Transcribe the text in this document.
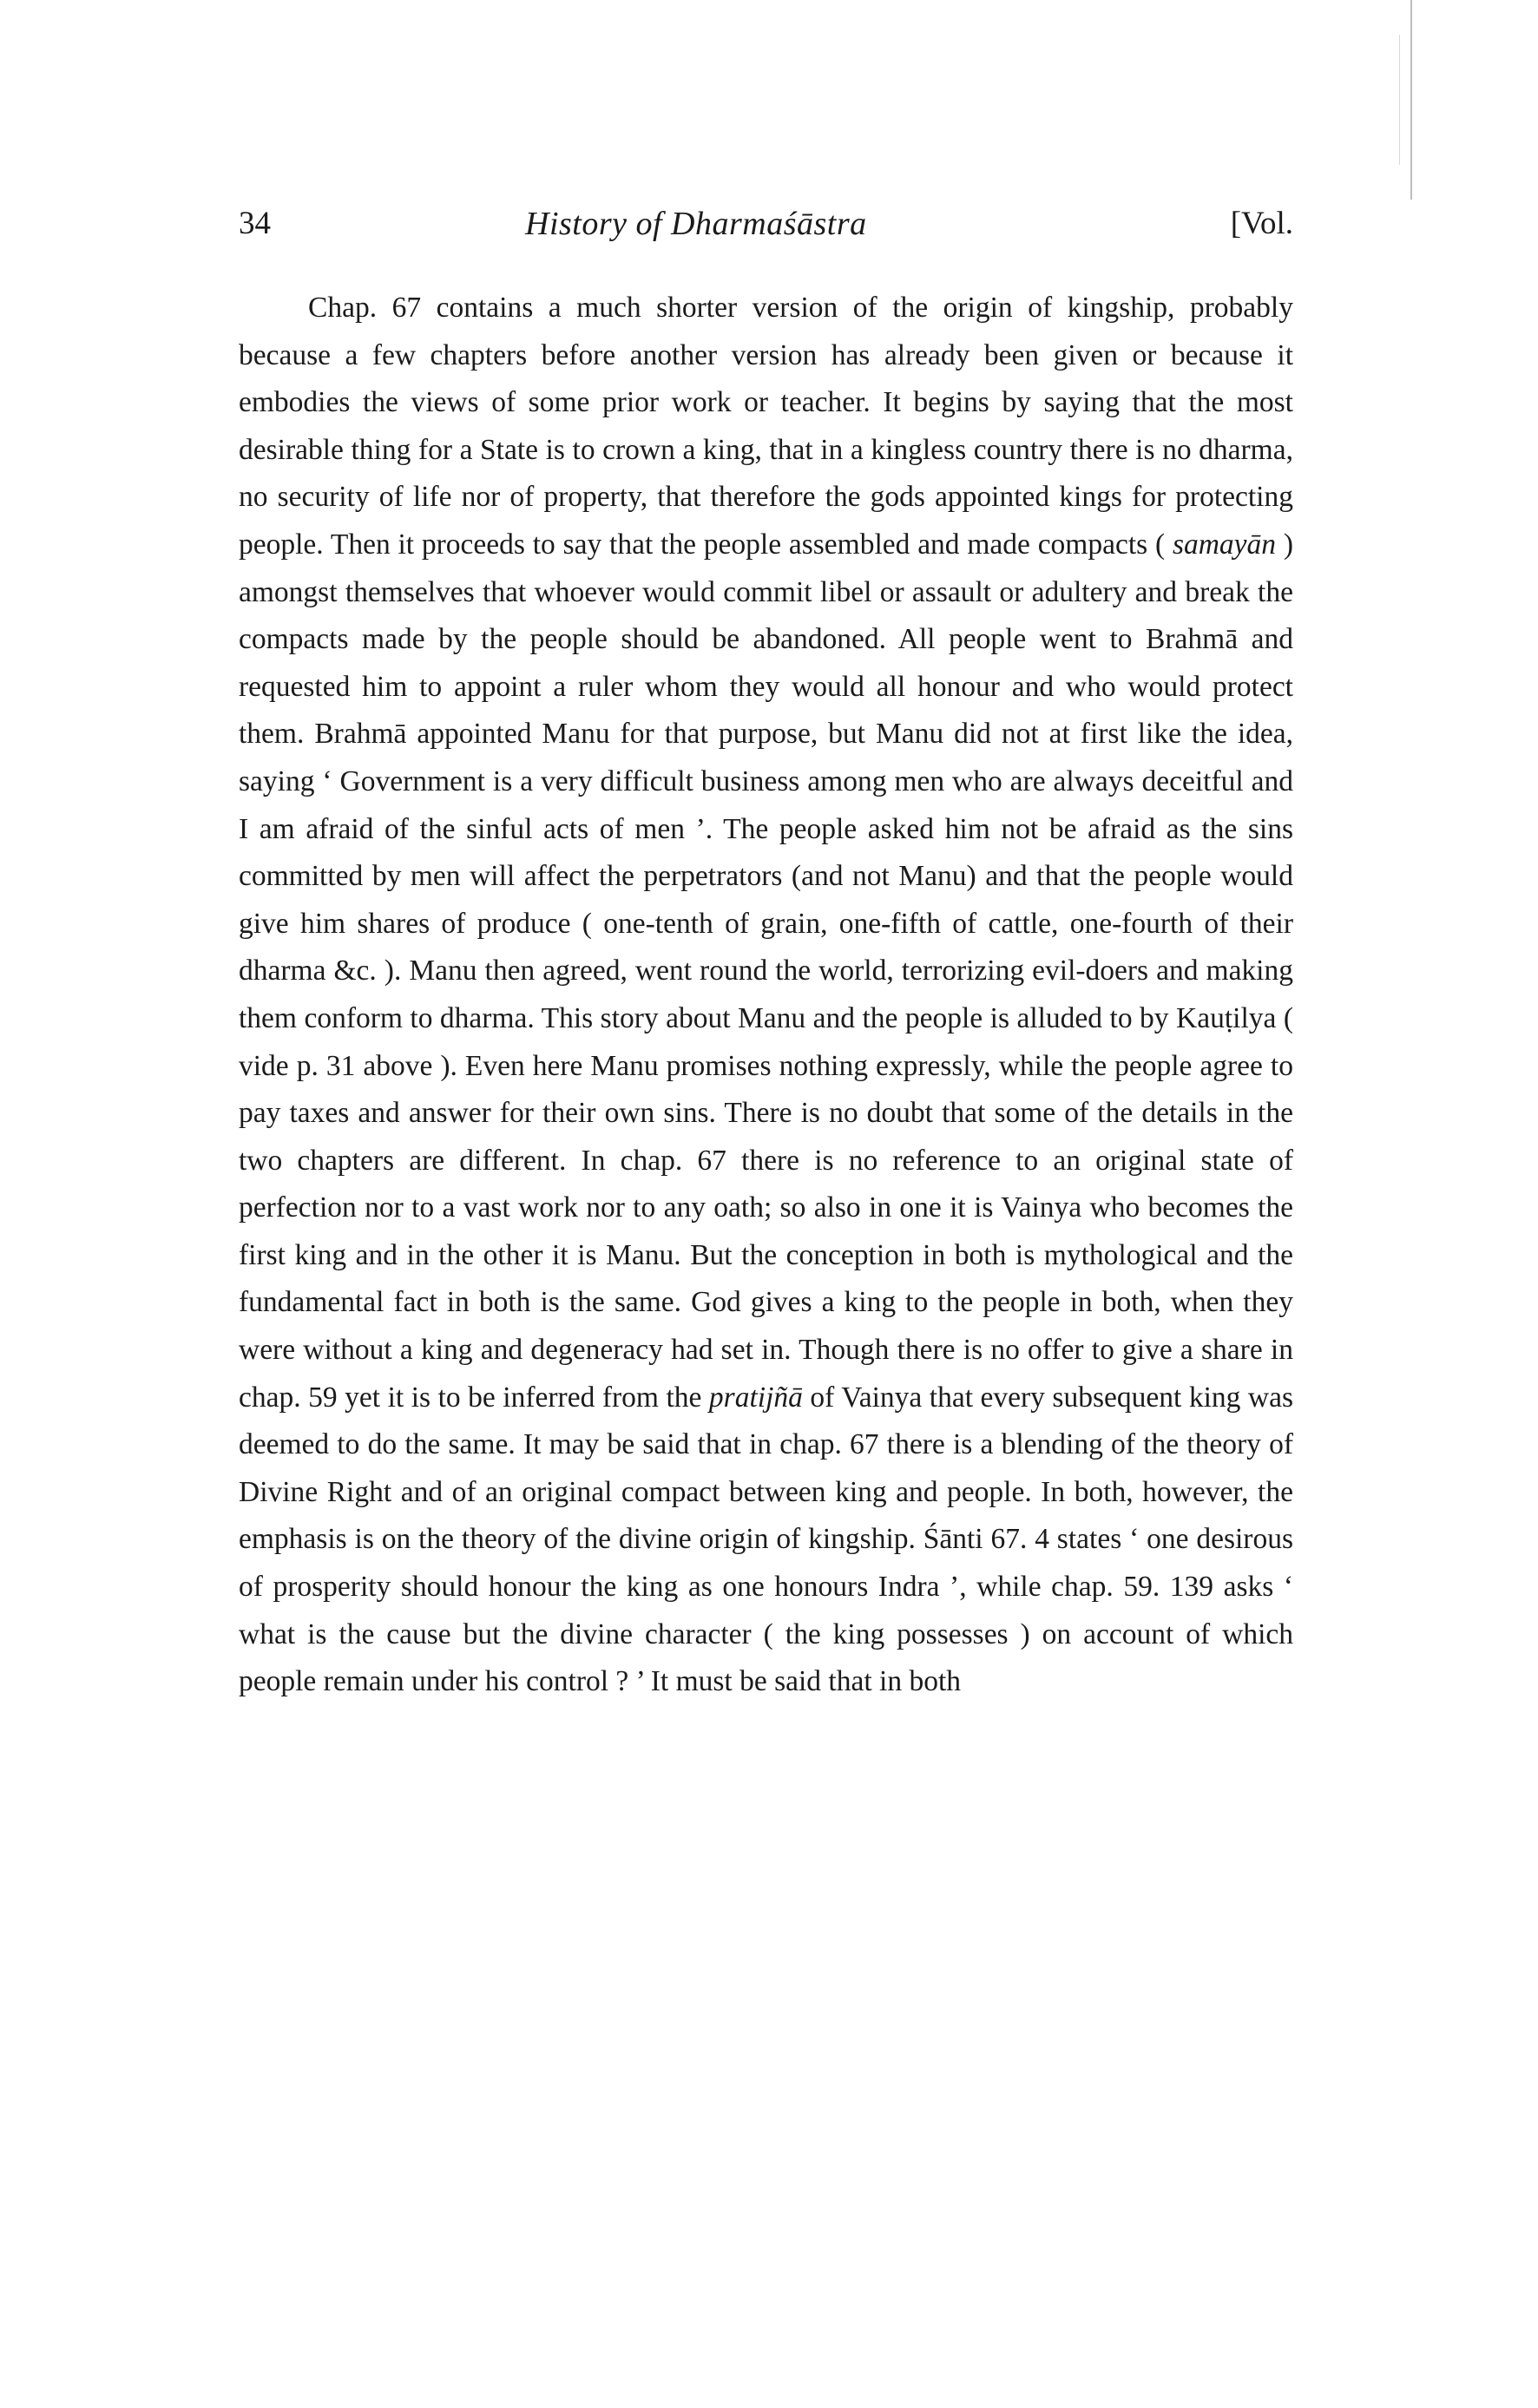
34	History of Dharmaśāstra	[Vol.

Chap. 67 contains a much shorter version of the origin of kingship, probably because a few chapters before another version has already been given or because it embodies the views of some prior work or teacher. It begins by saying that the most desirable thing for a State is to crown a king, that in a kingless country there is no dharma, no security of life nor of property, that therefore the gods appointed kings for protecting people. Then it proceeds to say that the people assembled and made compacts ( samayān ) amongst themselves that whoever would commit libel or assault or adultery and break the compacts made by the people should be abandoned. All people went to Brahmā and requested him to appoint a ruler whom they would all honour and who would protect them. Brahmā appointed Manu for that purpose, but Manu did not at first like the idea, saying ‘ Government is a very difficult business among men who are always deceitful and I am afraid of the sinful acts of men ’. The people asked him not be afraid as the sins committed by men will affect the perpetrators (and not Manu) and that the people would give him shares of produce ( one-tenth of grain, one-fifth of cattle, one-fourth of their dharma &c. ). Manu then agreed, went round the world, terrorizing evil-doers and making them conform to dharma. This story about Manu and the people is alluded to by Kauṭilya ( vide p. 31 above ). Even here Manu promises nothing expressly, while the people agree to pay taxes and answer for their own sins. There is no doubt that some of the details in the two chapters are different. In chap. 67 there is no reference to an original state of perfection nor to a vast work nor to any oath; so also in one it is Vainya who becomes the first king and in the other it is Manu. But the conception in both is mythological and the fundamental fact in both is the same. God gives a king to the people in both, when they were without a king and degeneracy had set in. Though there is no offer to give a share in chap. 59 yet it is to be inferred from the pratijñā of Vainya that every subsequent king was deemed to do the same. It may be said that in chap. 67 there is a blending of the theory of Divine Right and of an original compact between king and people. In both, however, the emphasis is on the theory of the divine origin of kingship. Śānti 67. 4 states ‘ one desirous of prosperity should honour the king as one honours Indra ’, while chap. 59. 139 asks ‘ what is the cause but the divine character ( the king possesses ) on account of which people remain under his control ? ’ It must be said that in both
